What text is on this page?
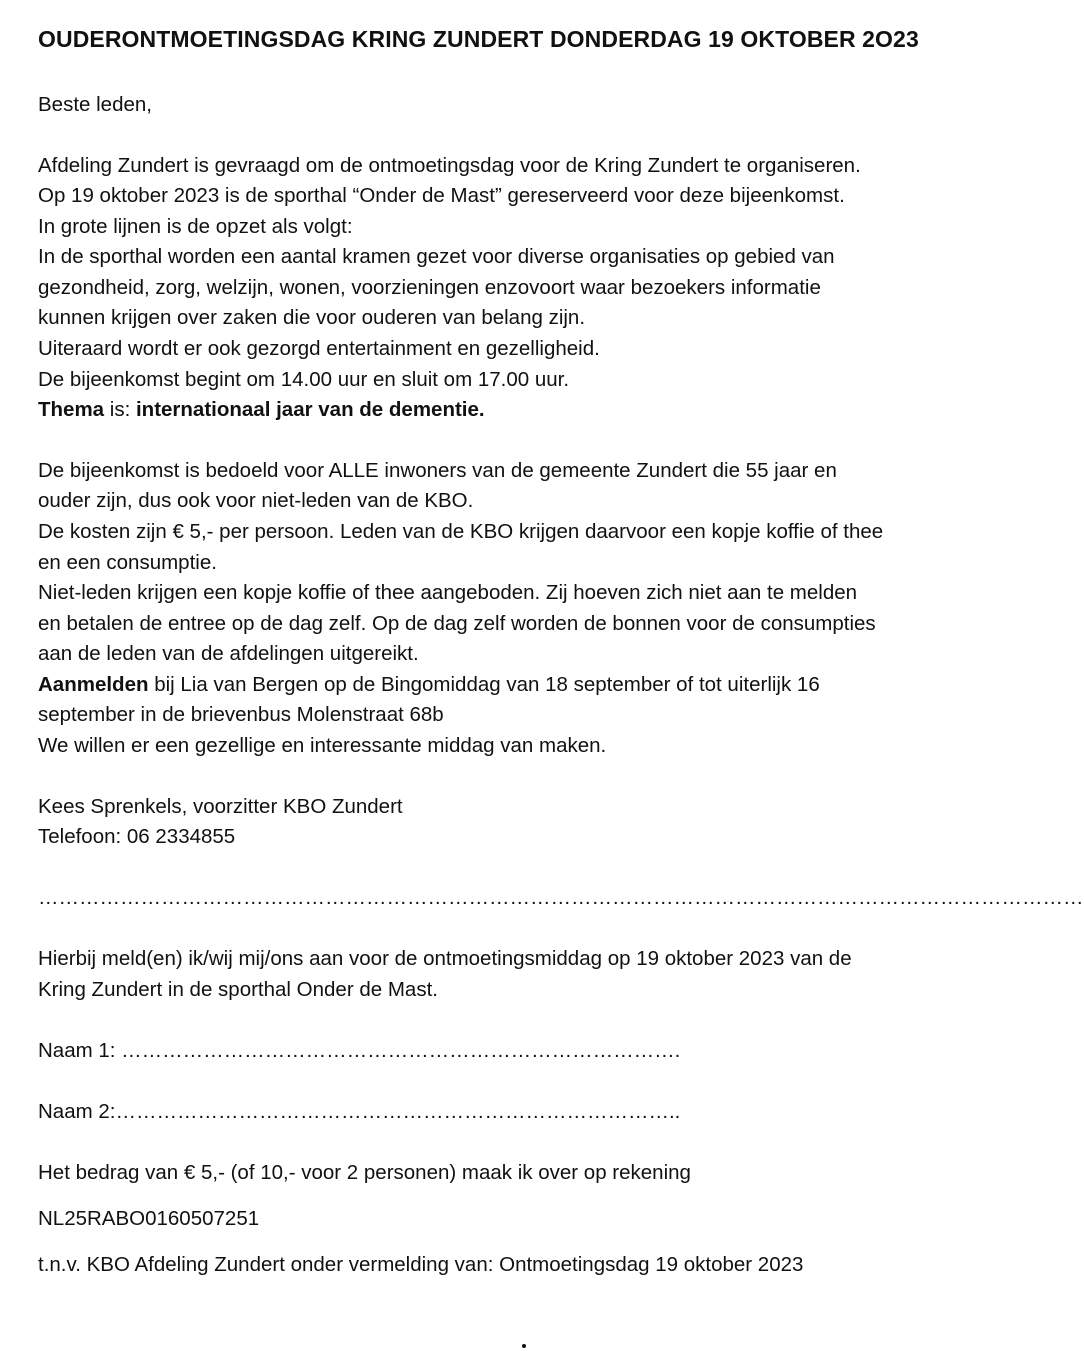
OUDERONTMOETINGSDAG KRING ZUNDERT DONDERDAG 19 OKTOBER 2O23

Beste leden,

Afdeling Zundert is gevraagd om de ontmoetingsdag voor de Kring Zundert te organiseren.

Op 19 oktober 2023 is de sporthal “Onder de Mast” gereserveerd voor deze bijeenkomst.

In grote lijnen is de opzet als volgt:

In de sporthal worden een aantal kramen gezet voor diverse organisaties op gebied van

gezondheid, zorg, welzijn, wonen, voorzieningen enzovoort waar bezoekers informatie

kunnen krijgen over zaken die voor ouderen van belang zijn.

Uiteraard wordt er ook gezorgd entertainment en gezelligheid.

De bijeenkomst begint om 14.00 uur en sluit om 17.00 uur.

Thema is: internationaal jaar van de dementie.

De bijeenkomst is bedoeld voor ALLE inwoners van de gemeente Zundert die 55 jaar en

ouder zijn, dus ook voor niet-leden van de KBO.

De kosten zijn € 5,- per persoon. Leden van de KBO krijgen daarvoor een kopje koffie of thee

en een consumptie.

Niet-leden krijgen een kopje koffie of thee aangeboden. Zij hoeven zich niet aan te melden

en betalen de entree op de dag zelf. Op de dag zelf worden de bonnen voor de consumpties

aan de leden van de afdelingen uitgereikt.

Aanmelden bij Lia van Bergen op de Bingomiddag van 18 september of tot uiterlijk 16

september in de brievenbus Molenstraat 68b

We willen er een gezellige en interessante middag van maken.

Kees Sprenkels, voorzitter KBO Zundert

Telefoon: 06 2334855

………………………………………………………………………………………………………………………………………

Hierbij meld(en) ik/wij mij/ons aan voor de ontmoetingsmiddag op 19 oktober 2023 van de

Kring Zundert in de sporthal Onder de Mast.

Naam 1: ……………………………………………………………………….

Naam 2:………………………………………………………………………..

Het bedrag van € 5,- (of 10,- voor 2 personen) maak ik over op rekening

NL25RABO0160507251

t.n.v. KBO Afdeling Zundert onder vermelding van: Ontmoetingsdag 19 oktober 2023
